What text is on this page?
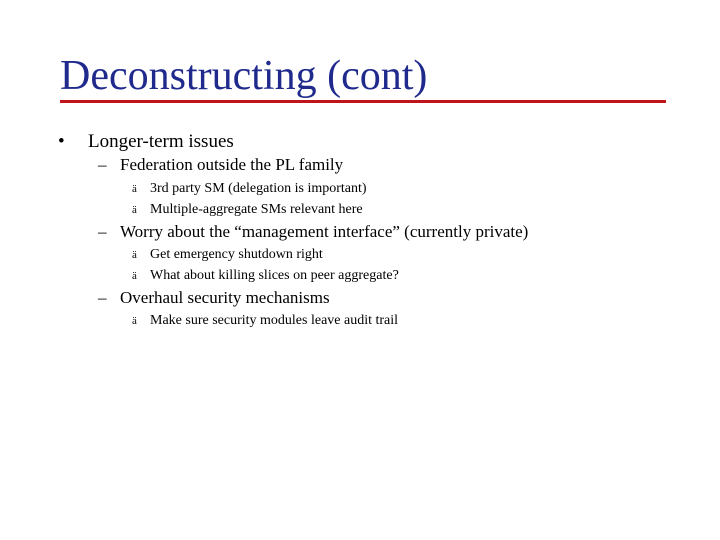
Deconstructing (cont)
• Longer-term issues
– Federation outside the PL family
ä 3rd party SM (delegation is important)
ä Multiple-aggregate SMs relevant here
– Worry about the “management interface” (currently private)
ä Get emergency shutdown right
ä What about killing slices on peer aggregate?
– Overhaul security mechanisms
ä Make sure security modules leave audit trail
